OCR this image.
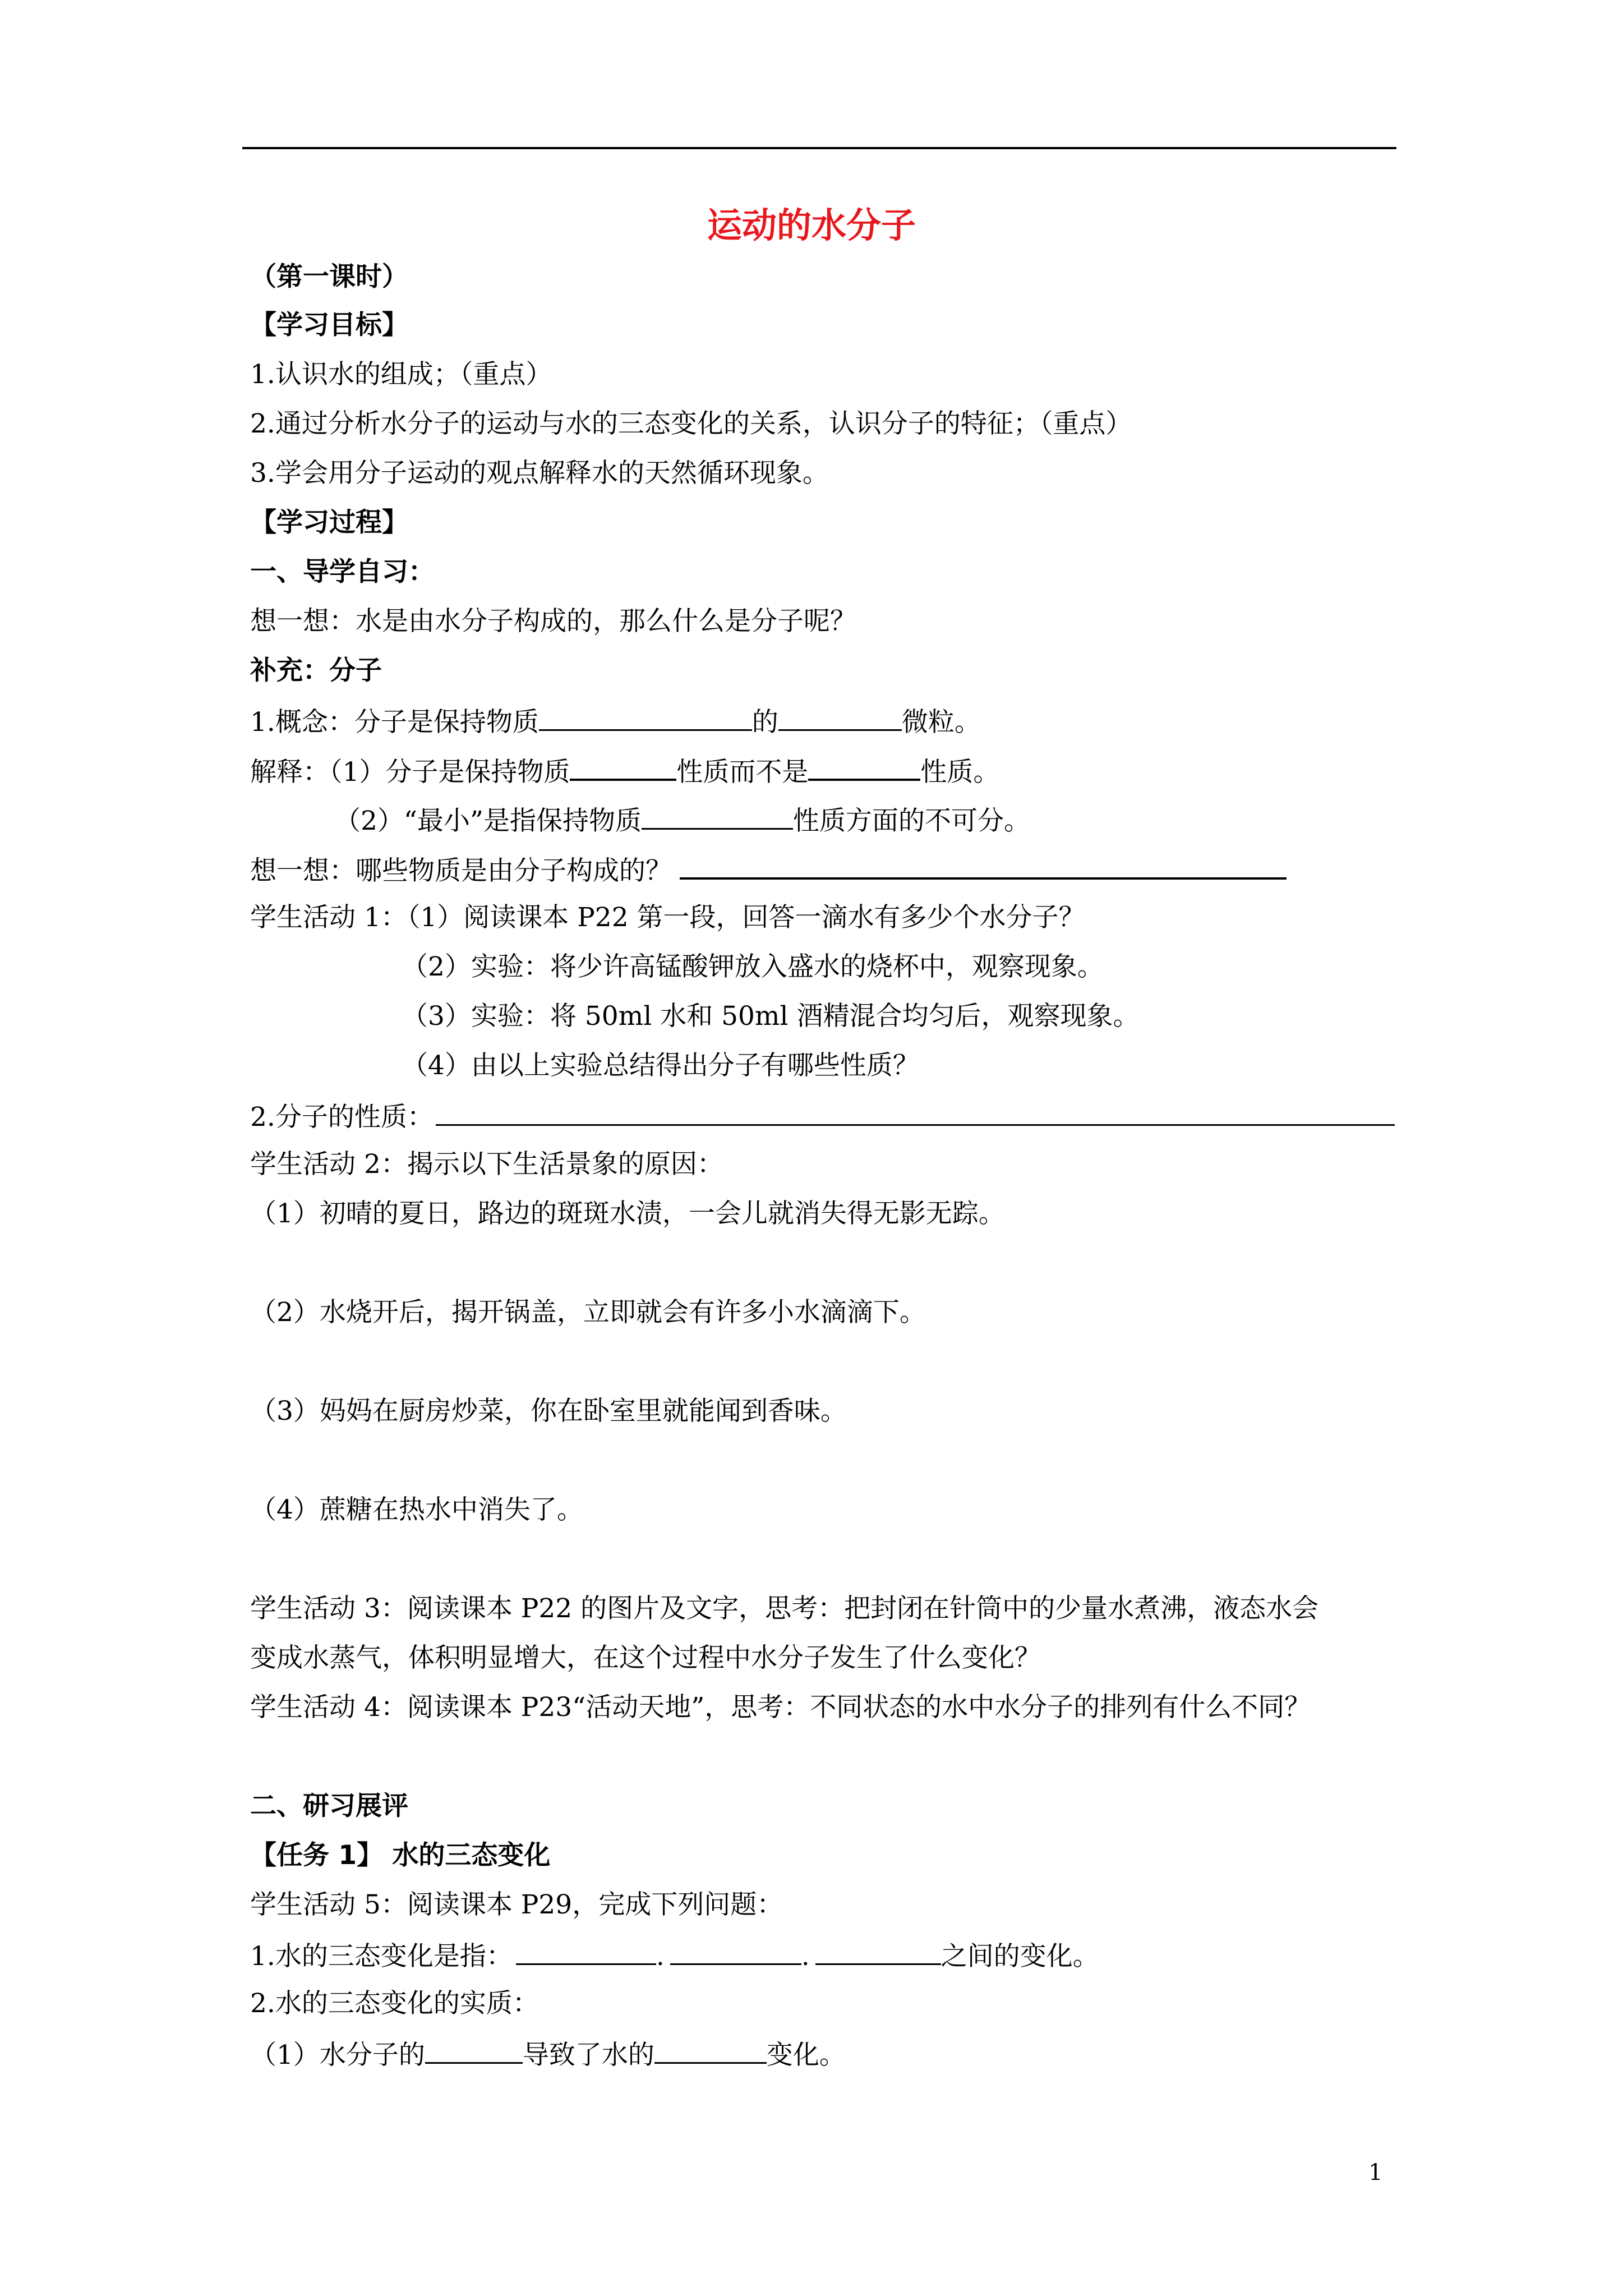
运动的水分子
（第一课时）
【学习目标】
1.认识水的组成；（重点）
2.通过分析水分子的运动与水的三态变化的关系，认识分子的特征；（重点）
3.学会用分子运动的观点解释水的天然循环现象。
【学习过程】
一、导学自习：
想一想：水是由水分子构成的，那么什么是分子呢？
补充：分子
1.概念：分子是保持物质	的	微粒。
解释：（1）分子是保持物质	性质而不是	性质。
（2）“最小”是指保持物质	性质方面的不可分。
想一想：哪些物质是由分子构成的？
学生活动 1：（1）阅读课本 P22 第一段，回答一滴水有多少个水分子？
（2）实验：将少许高锰酸钾放入盛水的烧杯中，观察现象。
（3）实验：将 50ml 水和 50ml 酒精混合均匀后，观察现象。
（4）由以上实验总结得出分子有哪些性质？
2.分子的性质：
学生活动 2：揭示以下生活景象的原因：
（1）初晴的夏日，路边的斑斑水渍，一会儿就消失得无影无踪。
（2）水烧开后，揭开锅盖，立即就会有许多小水滴滴下。
（3）妈妈在厨房炒菜，你在卧室里就能闻到香味。
（4）蔗糖在热水中消失了。
学生活动 3：阅读课本 P22 的图片及文字，思考：把封闭在针筒中的少量水煮沸，液态水会
变成水蒸气，体积明显增大，在这个过程中水分子发生了什么变化？
学生活动 4：阅读课本 P23“活动天地”，思考：不同状态的水中水分子的排列有什么不同？
二、研习展评
【任务 1】 水的三态变化
学生活动 5：阅读课本 P29，完成下列问题：
1.水的三态变化是指：	.	.	之间的变化。
2.水的三态变化的实质：
（1）水分子的	导致了水的	变化。
1
